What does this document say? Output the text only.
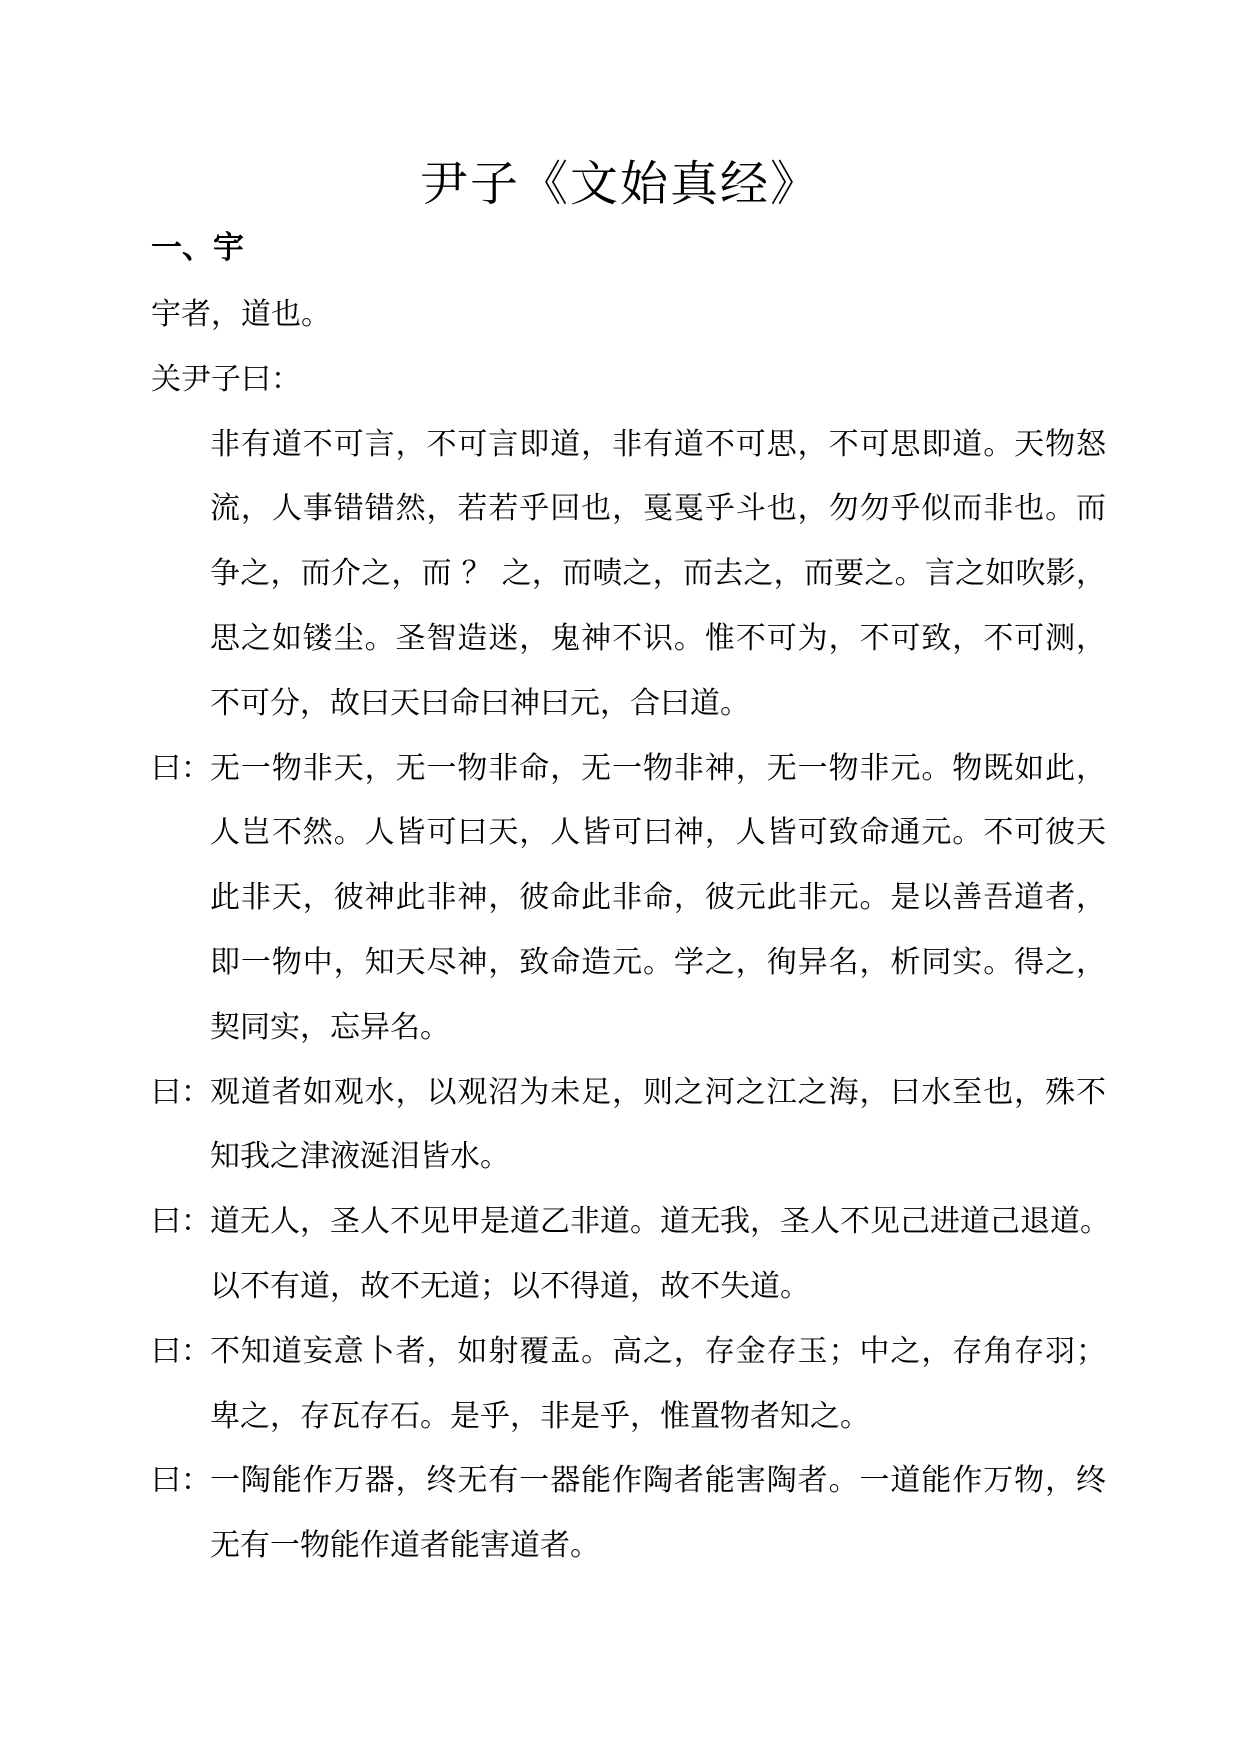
尹子《文始真经》
一、宇
宇者，道也。
关尹子曰：
非有道不可言，不可言即道，非有道不可思，不可思即道。天物怒
流，人事错错然，若若乎回也，戛戛乎斗也，勿勿乎似而非也。而
争之，而介之，而 ？ 之，而啧之，而去之，而要之。言之如吹影，
思之如镂尘。圣智造迷，鬼神不识。惟不可为，不可致，不可测，
不可分，故曰天曰命曰神曰元，合曰道。
曰： 无一物非天，无一物非命，无一物非神，无一物非元。物既如此，
人岂不然。人皆可曰天，人皆可曰神，人皆可致命通元。不可彼天
此非天，彼神此非神，彼命此非命，彼元此非元。是以善吾道者，
即一物中，知天尽神，致命造元。学之，徇异名，析同实。得之，
契同实，忘异名。
曰： 观道者如观水，以观沼为未足，则之河之江之海，曰水至也，殊不
知我之津液涎泪皆水。
曰： 道无人，圣人不见甲是道乙非道。道无我，圣人不见己进道己退道。
以不有道，故不无道；以不得道，故不失道。
曰： 不知道妄意卜者，如射覆盂。高之，存金存玉；中之，存角存羽；
卑之，存瓦存石。是乎，非是乎，惟置物者知之。
曰： 一陶能作万器，终无有一器能作陶者能害陶者。一道能作万物，终
无有一物能作道者能害道者。
